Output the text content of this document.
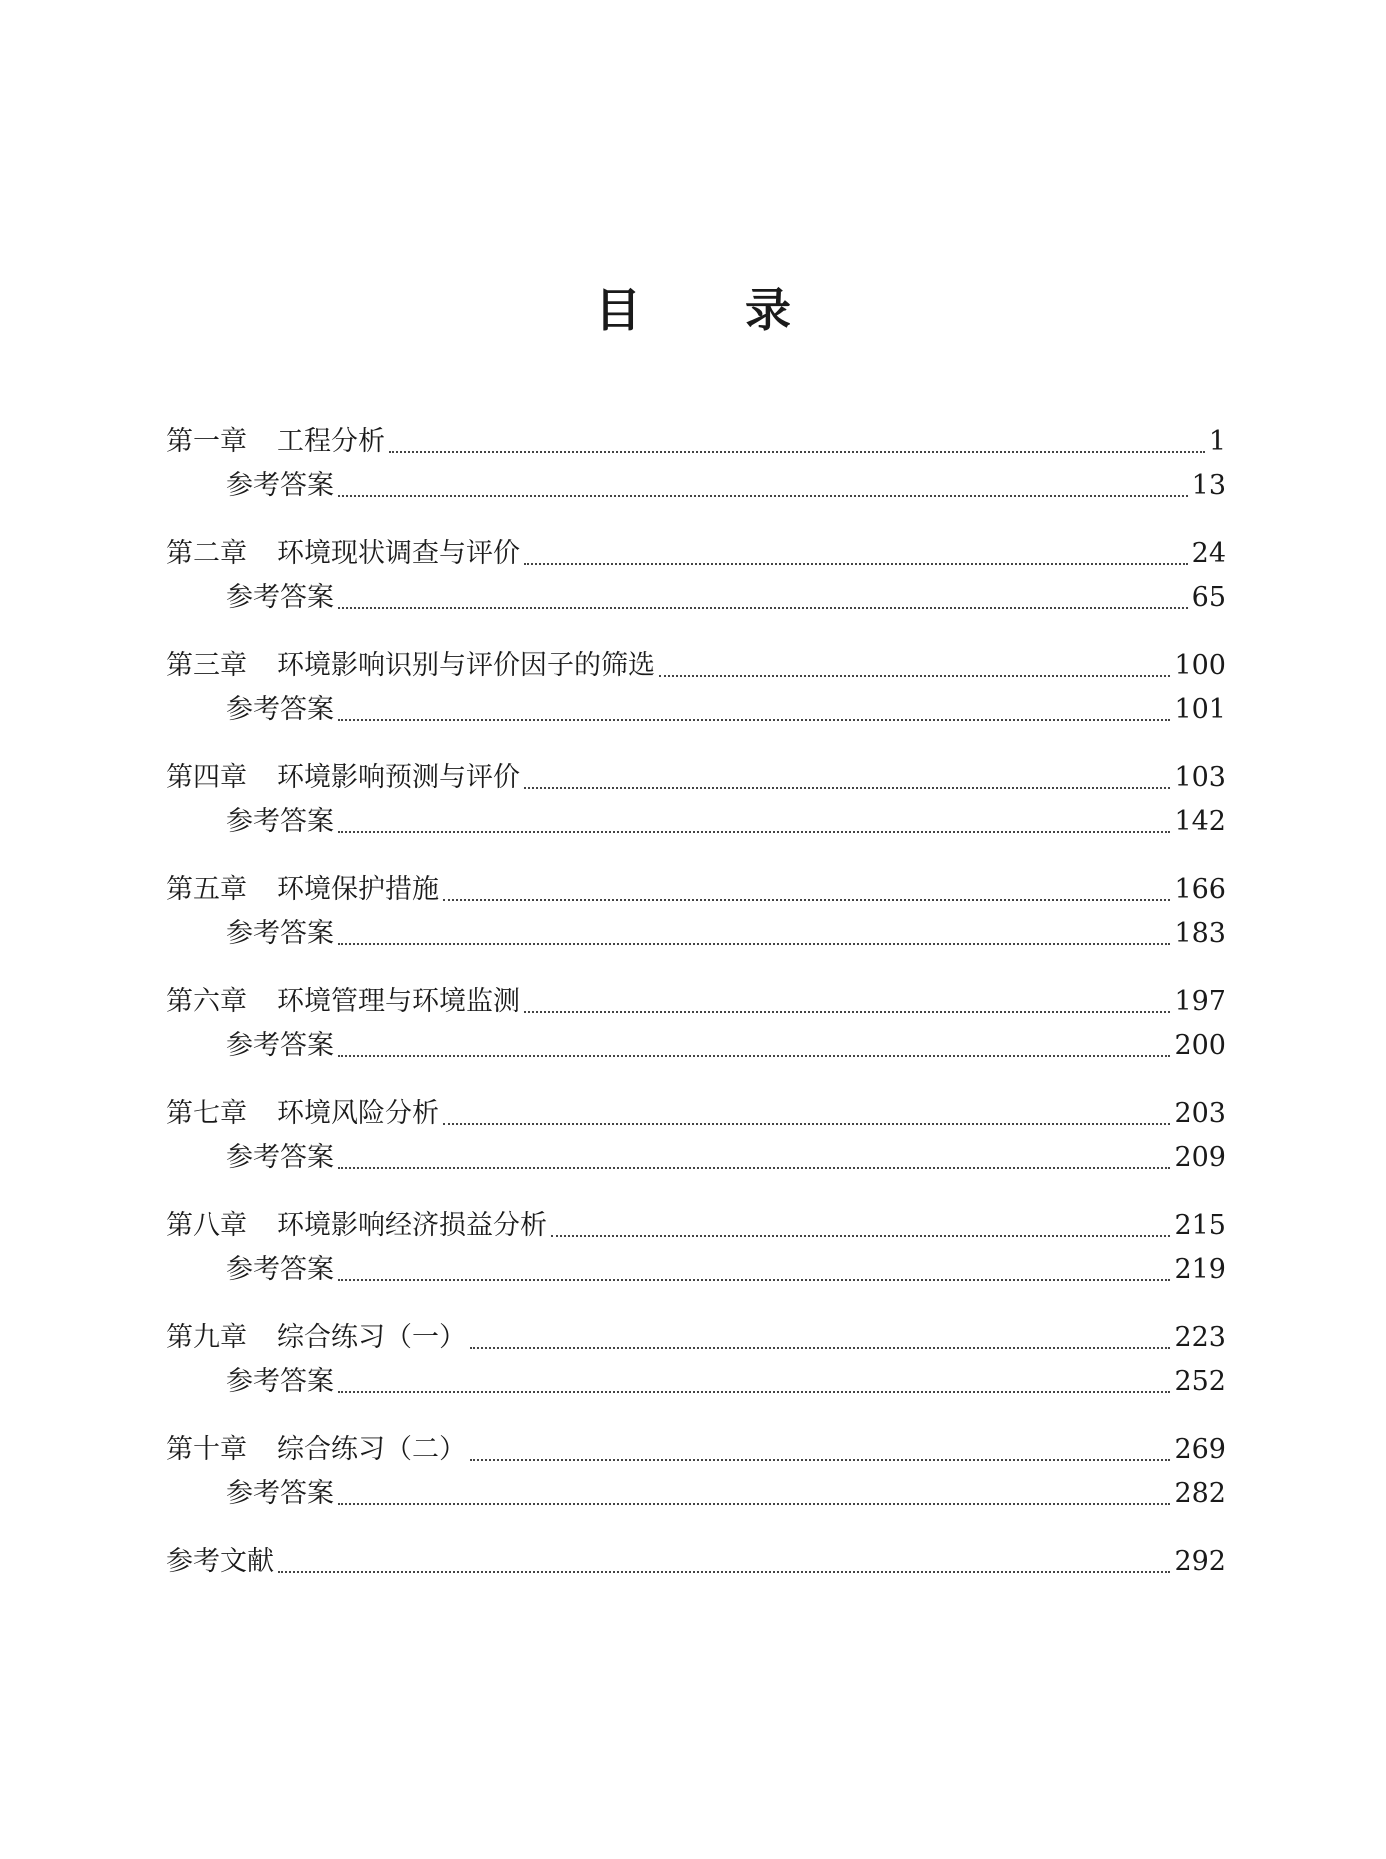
目 录
第一章 工程分析	1
参考答案	13
第二章 环境现状调查与评价	24
参考答案	65
第三章 环境影响识别与评价因子的筛选	100
参考答案	101
第四章 环境影响预测与评价	103
参考答案	142
第五章 环境保护措施	166
参考答案	183
第六章 环境管理与环境监测	197
参考答案	200
第七章 环境风险分析	203
参考答案	209
第八章 环境影响经济损益分析	215
参考答案	219
第九章 综合练习（一）	223
参考答案	252
第十章 综合练习（二）	269
参考答案	282
参考文献	292
